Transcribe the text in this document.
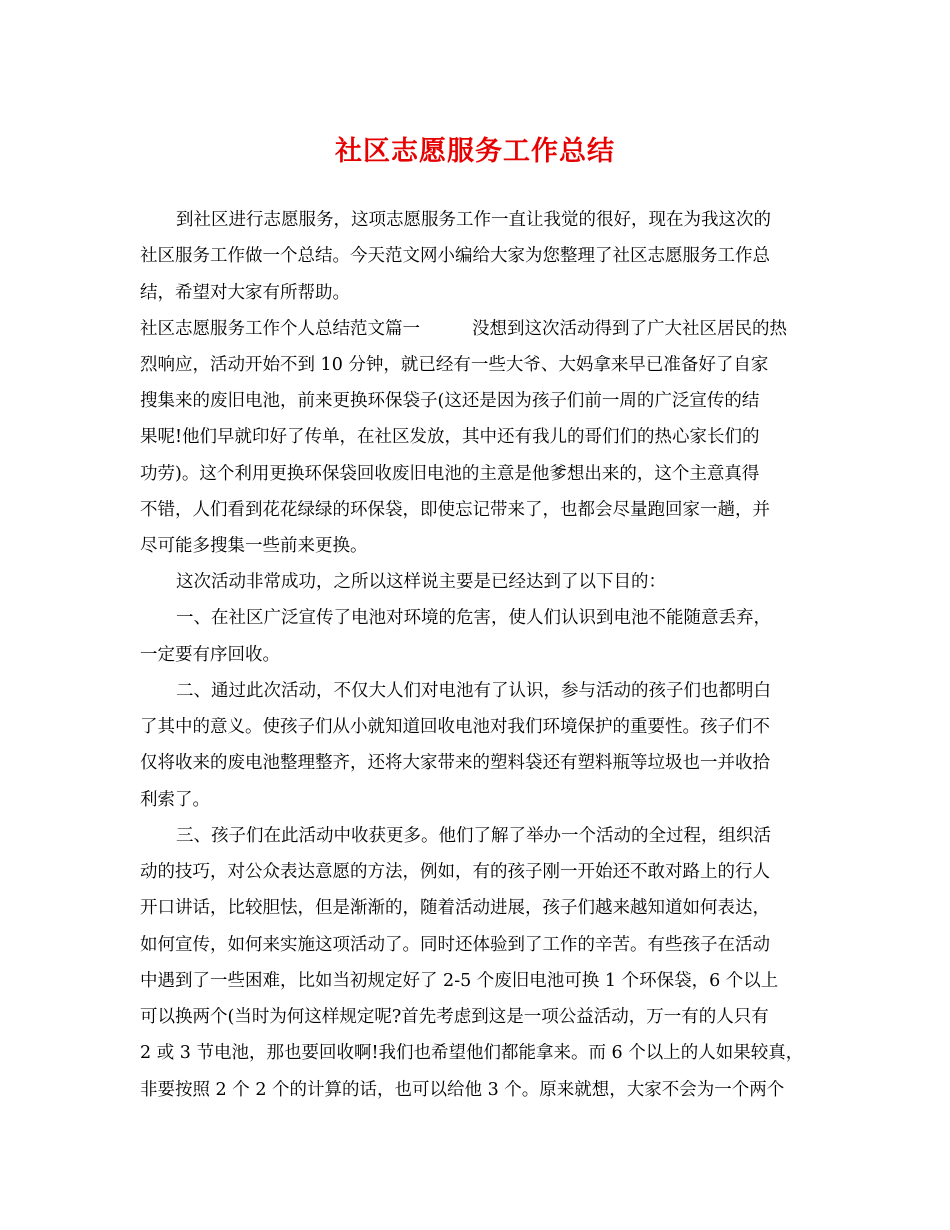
社区志愿服务工作总结
到社区进行志愿服务，这项志愿服务工作一直让我觉的很好，现在为我这次的
社区服务工作做一个总结。今天范文网小编给大家为您整理了社区志愿服务工作总
结，希望对大家有所帮助。
社区志愿服务工作个人总结范文篇一	没想到这次活动得到了广大社区居民的热
烈响应，活动开始不到 10 分钟，就已经有一些大爷、大妈拿来早已准备好了自家
搜集来的废旧电池，前来更换环保袋子(这还是因为孩子们前一周的广泛宣传的结
果呢!他们早就印好了传单，在社区发放，其中还有我儿的哥们们的热心家长们的
功劳)。这个利用更换环保袋回收废旧电池的主意是他爹想出来的，这个主意真得
不错，人们看到花花绿绿的环保袋，即使忘记带来了，也都会尽量跑回家一趟，并
尽可能多搜集一些前来更换。
这次活动非常成功，之所以这样说主要是已经达到了以下目的：
一、在社区广泛宣传了电池对环境的危害，使人们认识到电池不能随意丢弃，
一定要有序回收。
二、通过此次活动，不仅大人们对电池有了认识，参与活动的孩子们也都明白
了其中的意义。使孩子们从小就知道回收电池对我们环境保护的重要性。孩子们不
仅将收来的废电池整理整齐，还将大家带来的塑料袋还有塑料瓶等垃圾也一并收拾
利索了。
三、孩子们在此活动中收获更多。他们了解了举办一个活动的全过程，组织活
动的技巧，对公众表达意愿的方法，例如，有的孩子刚一开始还不敢对路上的行人
开口讲话，比较胆怯，但是渐渐的，随着活动进展，孩子们越来越知道如何表达，
如何宣传，如何来实施这项活动了。同时还体验到了工作的辛苦。有些孩子在活动
中遇到了一些困难，比如当初规定好了 2-5 个废旧电池可换 1 个环保袋，6 个以上
可以换两个(当时为何这样规定呢?首先考虑到这是一项公益活动，万一有的人只有
2 或 3 节电池，那也要回收啊!我们也希望他们都能拿来。而 6 个以上的人如果较真，
非要按照 2 个 2 个的计算的话，也可以给他 3 个。原来就想，大家不会为一个两个
